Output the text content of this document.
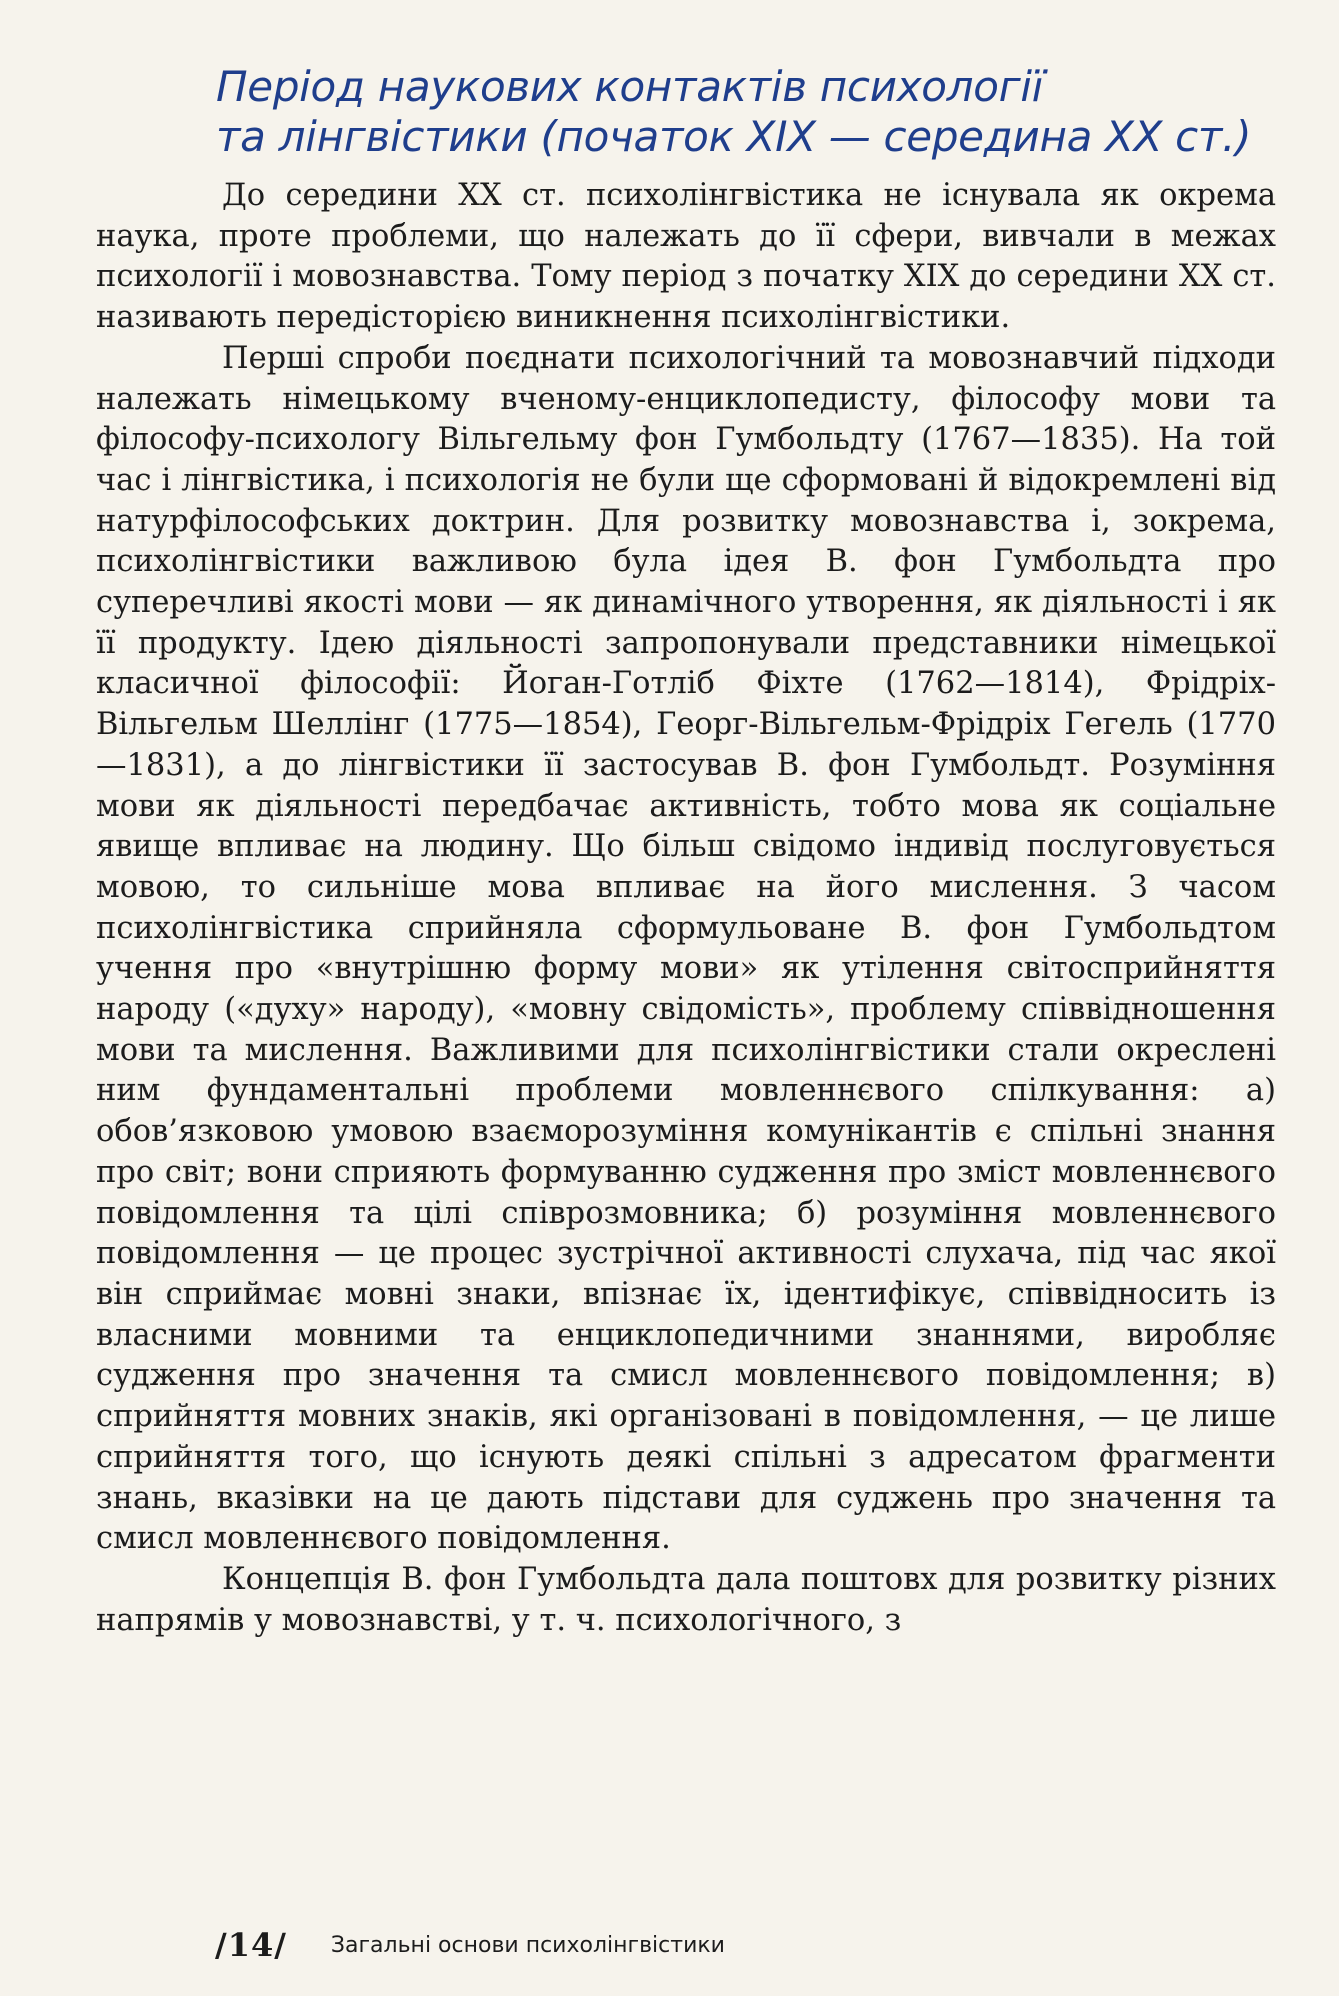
Період наукових контактів психології
та лінгвістики (початок XIX — середина XX ст.)

До середини XX ст. психолінгвістика не існувала як окрема наука, проте проблеми, що належать до її сфери, вивчали в межах психології і мовознавства. Тому період з початку XIX до середини XX ст. називають передісторією виникнення психолінгвістики.

Перші спроби поєднати психологічний та мовознавчий підходи належать німецькому вченому-енциклопедисту, філософу мови та філософу-психологу Вільгельму фон Гумбольдту (1767—1835). На той час і лінгвістика, і психологія не були ще сформовані й відокремлені від натурфілософських доктрин. Для розвитку мовознавства і, зокрема, психолінгвістики важливою була ідея В. фон Гумбольдта про суперечливі якості мови — як динамічного утворення, як діяльності і як її продукту. Ідею діяльності запропонували представники німецької класичної філософії: Йоган-Готліб Фіхте (1762—1814), Фрідріх-Вільгельм Шеллінг (1775—1854), Георг-Вільгельм-Фрідріх Гегель (1770—1831), а до лінгвістики її застосував В. фон Гумбольдт. Розуміння мови як діяльності передбачає активність, тобто мова як соціальне явище впливає на людину. Що більш свідомо індивід послуговується мовою, то сильніше мова впливає на його мислення. З часом психолінгвістика сприйняла сформульоване В. фон Гумбольдтом учення про «внутрішню форму мови» як утілення світосприйняття народу («духу» народу), «мовну свідомість», проблему співвідношення мови та мислення. Важливими для психолінгвістики стали окреслені ним фундаментальні проблеми мовленнєвого спілкування: а) обов’язковою умовою взаєморозуміння комунікантів є спільні знання про світ; вони сприяють формуванню судження про зміст мовленнєвого повідомлення та цілі співрозмовника; б) розуміння мовленнєвого повідомлення — це процес зустрічної активності слухача, під час якої він сприймає мовні знаки, впізнає їх, ідентифікує, співвідносить із власними мовними та енциклопедичними знаннями, виробляє судження про значення та смисл мовленнєвого повідомлення; в) сприйняття мовних знаків, які організовані в повідомлення, — це лише сприйняття того, що існують деякі спільні з адресатом фрагменти знань, вказівки на це дають підстави для суджень про значення та смисл мовленнєвого повідомлення.

Концепція В. фон Гумбольдта дала поштовх для розвитку різних напрямів у мовознавстві, у т. ч. психологічного, з

/14/ Загальні основи психолінгвістики
